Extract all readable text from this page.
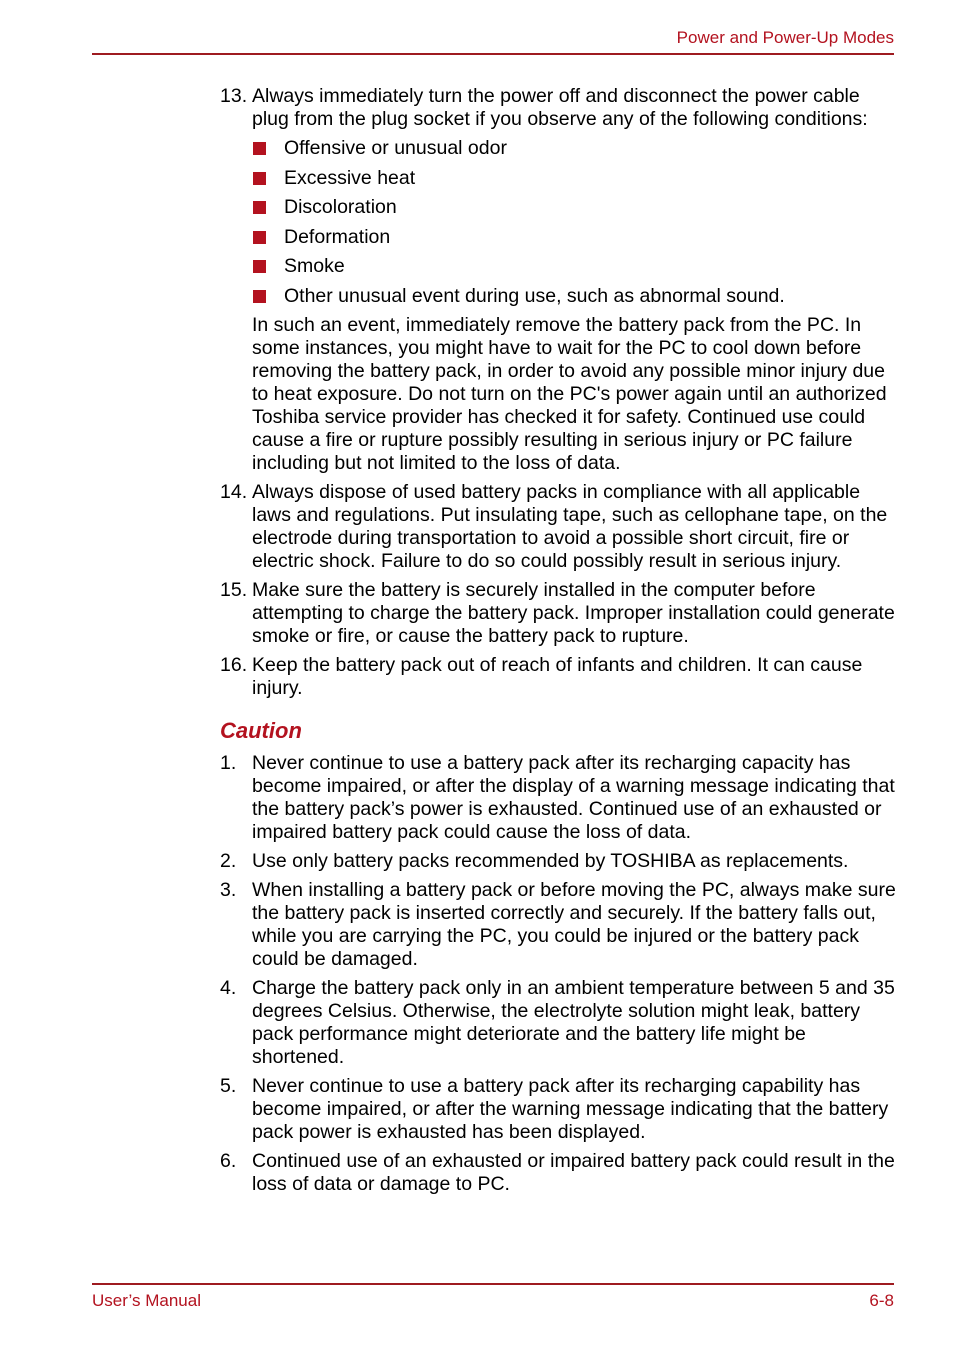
Power and Power-Up Modes
13. Always immediately turn the power off and disconnect the power cable plug from the plug socket if you observe any of the following conditions:
Offensive or unusual odor
Excessive heat
Discoloration
Deformation
Smoke
Other unusual event during use, such as abnormal sound.
In such an event, immediately remove the battery pack from the PC. In some instances, you might have to wait for the PC to cool down before removing the battery pack, in order to avoid any possible minor injury due to heat exposure. Do not turn on the PC's power again until an authorized Toshiba service provider has checked it for safety. Continued use could cause a fire or rupture possibly resulting in serious injury or PC failure including but not limited to the loss of data.
14. Always dispose of used battery packs in compliance with all applicable laws and regulations. Put insulating tape, such as cellophane tape, on the electrode during transportation to avoid a possible short circuit, fire or electric shock. Failure to do so could possibly result in serious injury.
15. Make sure the battery is securely installed in the computer before attempting to charge the battery pack. Improper installation could generate smoke or fire, or cause the battery pack to rupture.
16. Keep the battery pack out of reach of infants and children. It can cause injury.
Caution
1. Never continue to use a battery pack after its recharging capacity has become impaired, or after the display of a warning message indicating that the battery pack’s power is exhausted. Continued use of an exhausted or impaired battery pack could cause the loss of data.
2. Use only battery packs recommended by TOSHIBA as replacements.
3. When installing a battery pack or before moving the PC, always make sure the battery pack is inserted correctly and securely. If the battery falls out, while you are carrying the PC, you could be injured or the battery pack could be damaged.
4. Charge the battery pack only in an ambient temperature between 5 and 35 degrees Celsius. Otherwise, the electrolyte solution might leak, battery pack performance might deteriorate and the battery life might be shortened.
5. Never continue to use a battery pack after its recharging capability has become impaired, or after the warning message indicating that the battery pack power is exhausted has been displayed.
6. Continued use of an exhausted or impaired battery pack could result in the loss of data or damage to PC.
User’s Manual	6-8
